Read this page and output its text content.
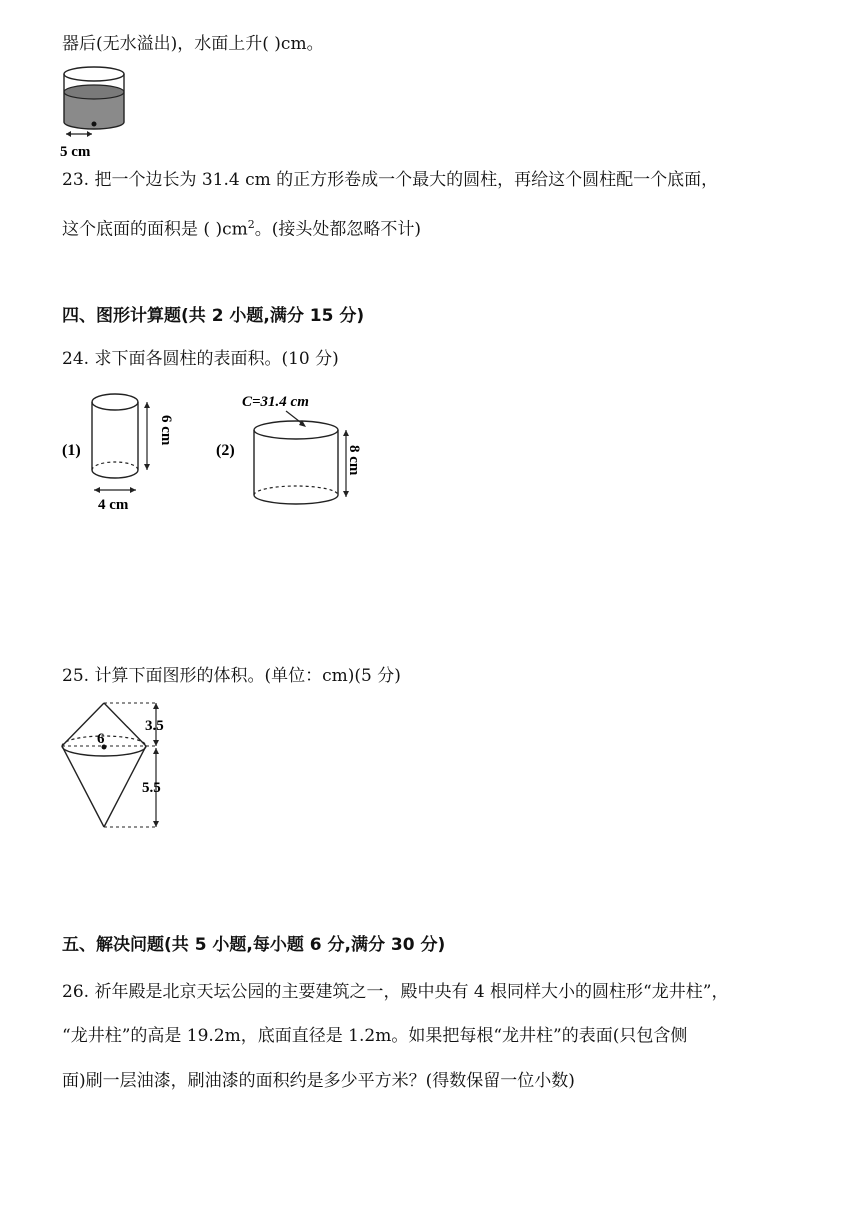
器后(无水溢出)，水面上升( )cm。
5 cm
23. 把一个边长为 31.4 cm 的正方形卷成一个最大的圆柱，再给这个圆柱配一个底面，
这个底面的面积是 ( )$cm^2$。(接头处都忽略不计)
四、图形计算题(共 2 小题,满分 15 分)
24. 求下面各圆柱的表面积。(10 分)
(1)
6 cm
4 cm
(2)
C=31.4 cm
8 cm
25. 计算下面图形的体积。(单位：cm)(5 分)
6
3.5
5.5
五、解决问题(共 5 小题,每小题 6 分,满分 30 分)
26. 祈年殿是北京天坛公园的主要建筑之一，殿中央有 4 根同样大小的圆柱形“龙井柱”，
“龙井柱”的高是 19.2m，底面直径是 1.2m。如果把每根“龙井柱”的表面(只包含侧
面)刷一层油漆，刷油漆的面积约是多少平方米？(得数保留一位小数)
